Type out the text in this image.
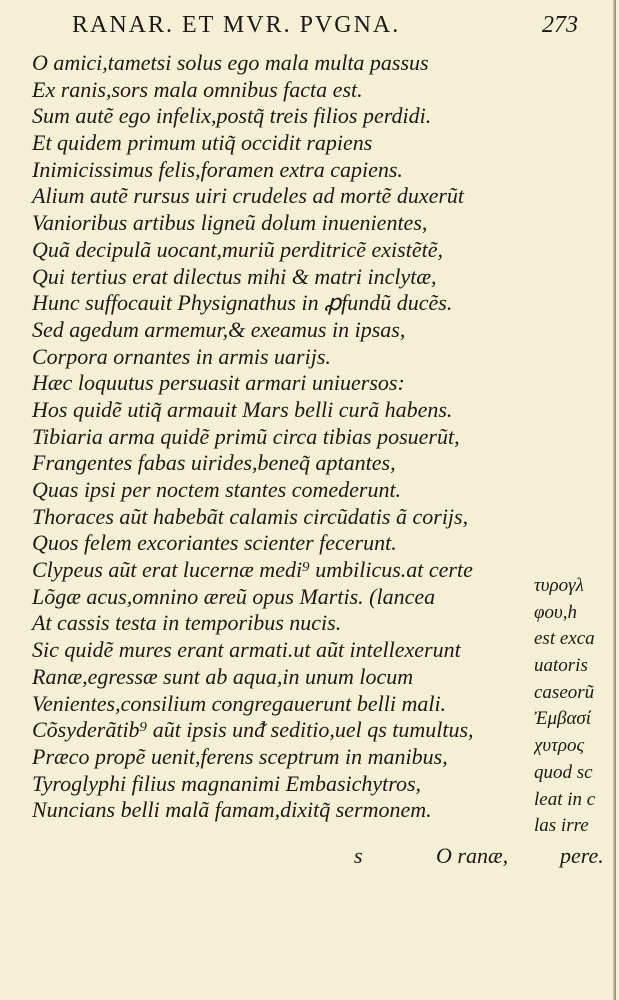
RANAR. ET MVR. PVGNA.	273
O amici,tametsi solus ego mala multa passus
Ex ranis,sors mala omnibus facta est.
Sum autẽ ego infelix,postq̃ treis filios perdidi.
Et quidem primum utiq̃ occidit rapiens
Inimicissimus felis,foramen extra capiens.
Alium autẽ rursus uiri crudeles ad mortẽ duxerũt
Vanioribus artibus ligneũ dolum inuenientes,
Quã decipulã uocant,muriũ perditricẽ existẽtẽ,
Qui tertius erat dilectus mihi & matri inclytæ,
Hunc suffocauit Physignathus in ꝓfundũ ducẽs.
Sed agedum armemur,& exeamus in ipsas,
Corpora ornantes in armis uarijs.
Hæc loquutus persuasit armari uniuersos:
Hos quidẽ utiq̃ armauit Mars belli curã habens.
Tibiaria arma quidẽ primũ circa tibias posuerũt,
Frangentes fabas uirides,beneq̃ aptantes,
Quas ipsi per noctem stantes comederunt.
Thoraces aũt habebãt calamis circũdatis ã corijs,
Quos felem excoriantes scienter fecerunt.
Clypeus aũt erat lucernæ medi⁹ umbilicus.at certe
Lõgæ acus,omnino æreũ opus Martis. (lancea
At cassis testa in temporibus nucis.
Sic quidẽ mures erant armati.ut aũt intellexerunt
Ranæ,egressæ sunt ab aqua,in unum locum
Venientes,consilium congregauerunt belli mali.
Cõsyderãtib⁹ aũt ipsis unᵭ seditio,uel qs tumultus,
Præco propẽ uenit,ferens sceptrum in manibus,
Tyroglyphi filius magnanimi Embasichytros,
Nuncians belli malã famam,dixitq̃ sermonem.
τυρογλ
φου,h
est exca
uatoris
caseorũ
Ἐμβασί
χυτρος
quod sc
leat in c
las irre
s	O ranæ, pere.
